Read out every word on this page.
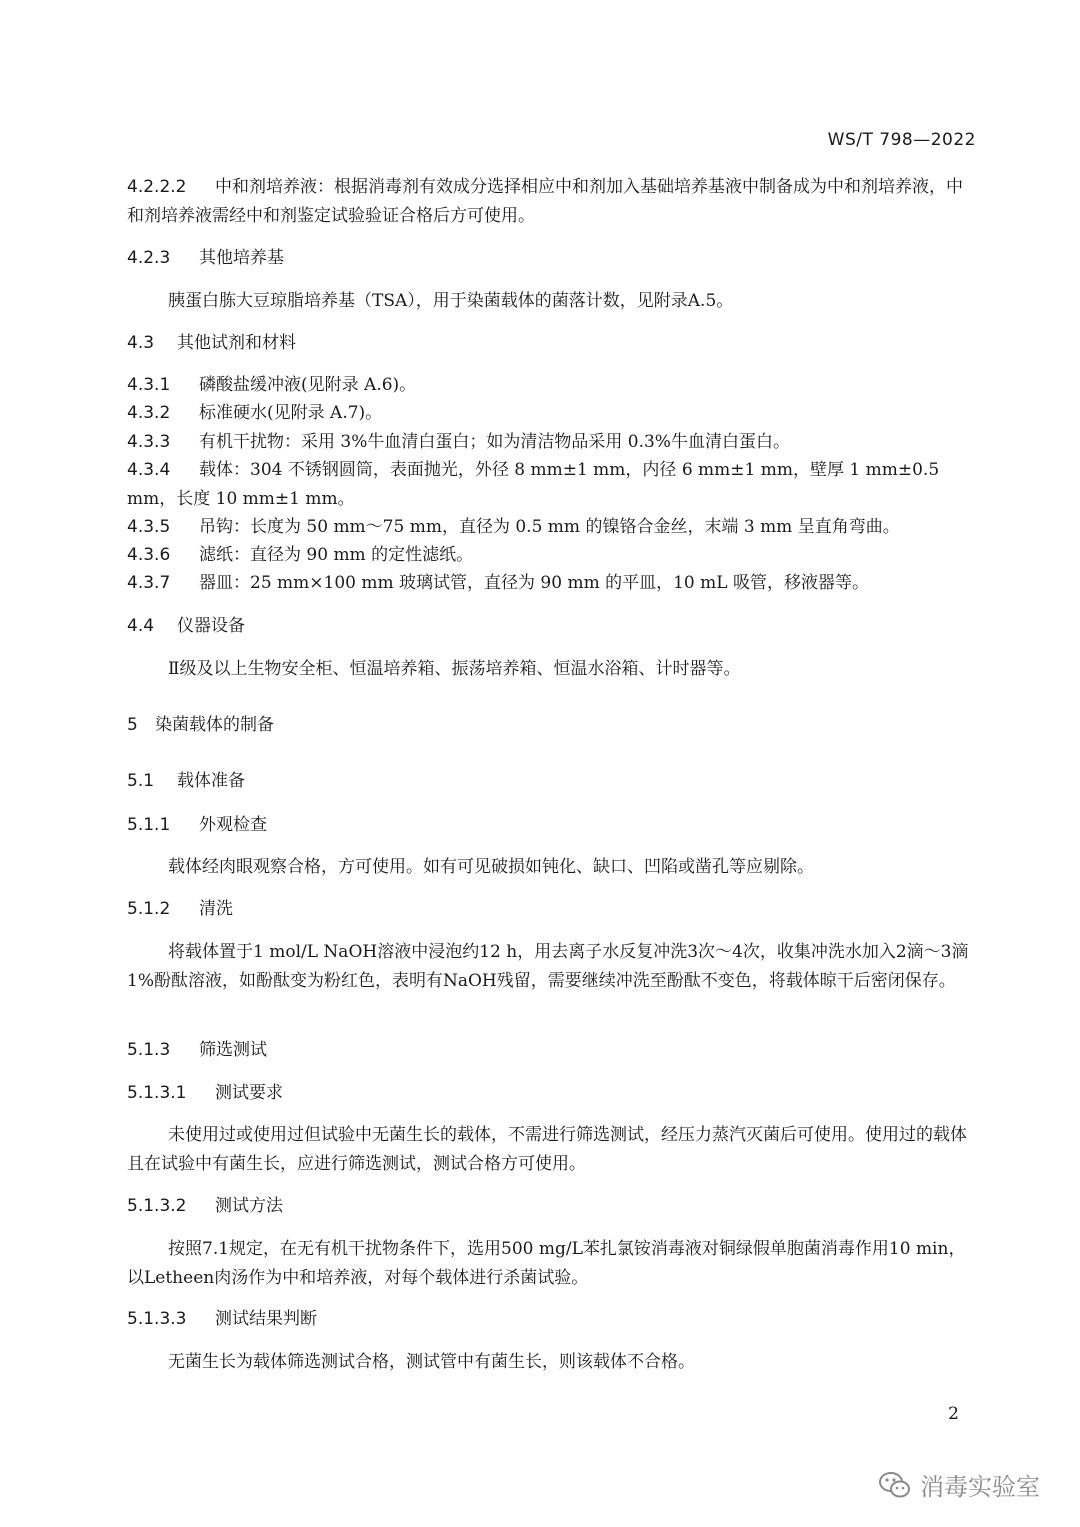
WS/T 798—2022
4.2.2.2 中和剂培养液：根据消毒剂有效成分选择相应中和剂加入基础培养基液中制备成为中和剂培养液，中和剂培养液需经中和剂鉴定试验验证合格后方可使用。
4.2.3 其他培养基
胰蛋白胨大豆琼脂培养基（TSA），用于染菌载体的菌落计数，见附录A.5。
4.3 其他试剂和材料
4.3.1 磷酸盐缓冲液(见附录 A.6)。
4.3.2 标准硬水(见附录 A.7)。
4.3.3 有机干扰物：采用 3%牛血清白蛋白；如为清洁物品采用 0.3%牛血清白蛋白。
4.3.4 载体：304 不锈钢圆筒，表面抛光，外径 8 mm±1 mm，内径 6 mm±1 mm，壁厚 1 mm±0.5 mm，长度 10 mm±1 mm。
4.3.5 吊钩：长度为 50 mm～75 mm，直径为 0.5 mm 的镍铬合金丝，末端 3 mm 呈直角弯曲。
4.3.6 滤纸：直径为 90 mm 的定性滤纸。
4.3.7 器皿：25 mm×100 mm 玻璃试管，直径为 90 mm 的平皿，10 mL 吸管，移液器等。
4.4 仪器设备
Ⅱ级及以上生物安全柜、恒温培养箱、振荡培养箱、恒温水浴箱、计时器等。
5 染菌载体的制备
5.1 载体准备
5.1.1 外观检查
载体经肉眼观察合格，方可使用。如有可见破损如钝化、缺口、凹陷或凿孔等应剔除。
5.1.2 清洗
将载体置于1 mol/L NaOH溶液中浸泡约12 h，用去离子水反复冲洗3次～4次，收集冲洗水加入2滴～3滴1%酚酞溶液，如酚酞变为粉红色，表明有NaOH残留，需要继续冲洗至酚酞不变色，将载体晾干后密闭保存。
5.1.3 筛选测试
5.1.3.1 测试要求
未使用过或使用过但试验中无菌生长的载体，不需进行筛选测试，经压力蒸汽灭菌后可使用。使用过的载体且在试验中有菌生长，应进行筛选测试，测试合格方可使用。
5.1.3.2 测试方法
按照7.1规定，在无有机干扰物条件下，选用500 mg/L苯扎氯铵消毒液对铜绿假单胞菌消毒作用10 min，以Letheen肉汤作为中和培养液，对每个载体进行杀菌试验。
5.1.3.3 测试结果判断
无菌生长为载体筛选测试合格，测试管中有菌生长，则该载体不合格。
2
消毒实验室
